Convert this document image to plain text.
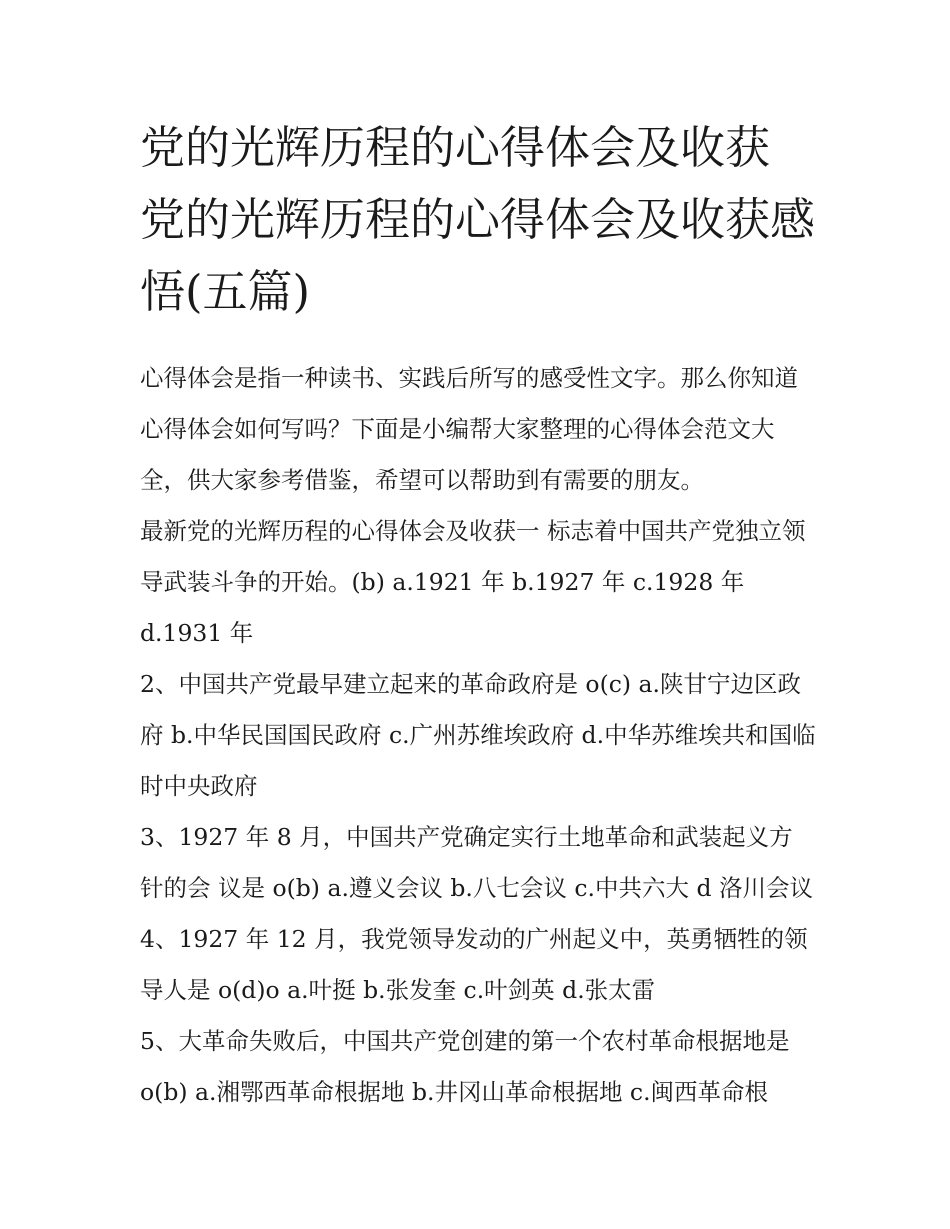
党的光辉历程的心得体会及收获 党的光辉历程的心得体会及收获感悟(五篇)

心得体会是指一种读书、实践后所写的感受性文字。那么你知道心得体会如何写吗？下面是小编帮大家整理的心得体会范文大全，供大家参考借鉴，希望可以帮助到有需要的朋友。

最新党的光辉历程的心得体会及收获一 标志着中国共产党独立领导武装斗争的开始。(b) a.1921 年 b.1927 年 c.1928 年 d.1931 年

2、中国共产党最早建立起来的革命政府是 o(c) a.陕甘宁边区政府 b.中华民国国民政府 c.广州苏维埃政府 d.中华苏维埃共和国临时中央政府

3、1927 年 8 月，中国共产党确定实行土地革命和武装起义方针的会 议是 o(b) a.遵义会议 b.八七会议 c.中共六大 d 洛川会议

4、1927 年 12 月，我党领导发动的广州起义中，英勇牺牲的领导人是 o(d)o a.叶挺 b.张发奎 c.叶剑英 d.张太雷

5、大革命失败后，中国共产党创建的第一个农村革命根据地是 o(b) a.湘鄂西革命根据地 b.井冈山革命根据地 c.闽西革命根
